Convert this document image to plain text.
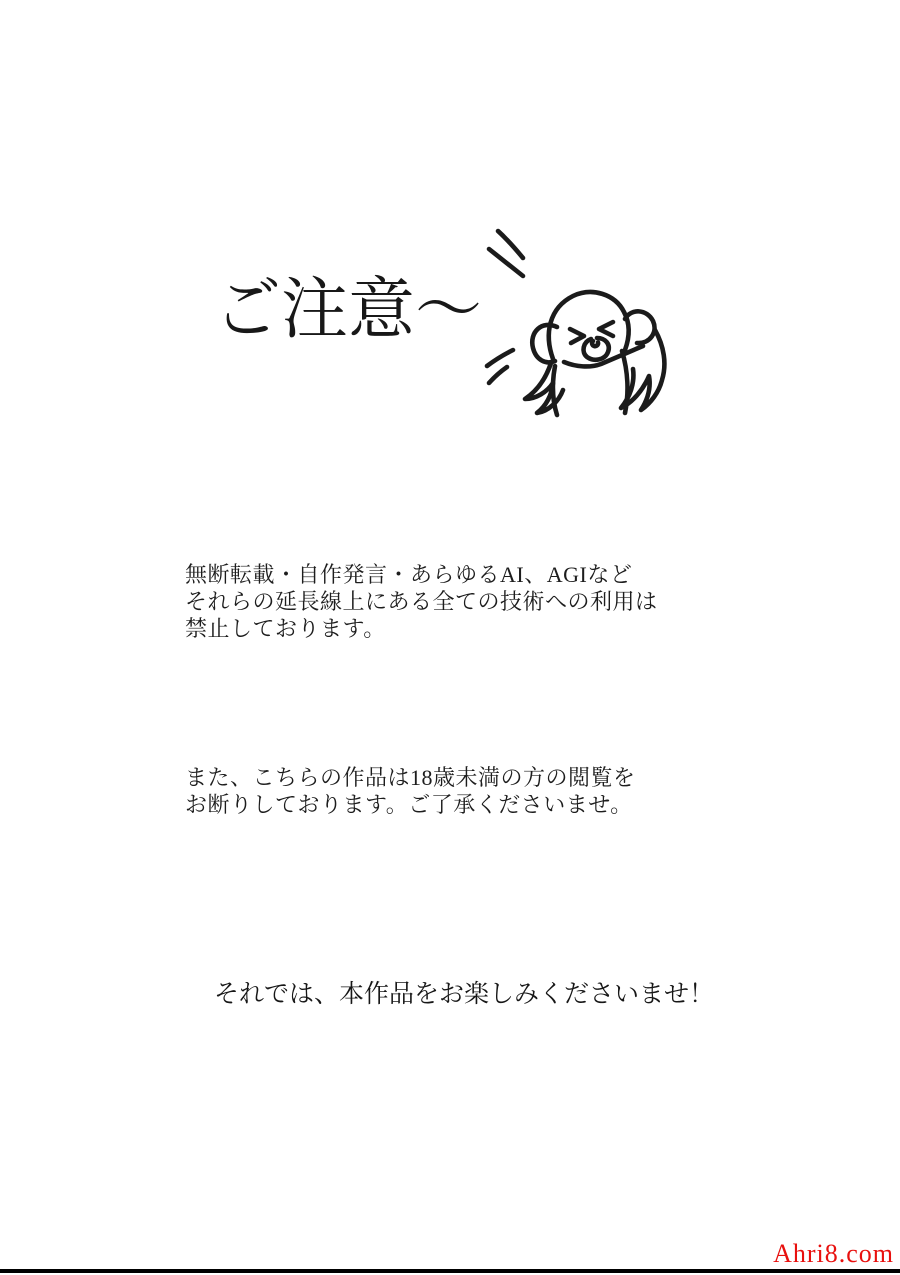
ご注意〜
無断転載・自作発言・あらゆるAI、AGIなど
それらの延長線上にある全ての技術への利用は
禁止しております。
また、こちらの作品は18歳未満の方の閲覧を
お断りしております。ご了承くださいませ。
それでは、本作品をお楽しみくださいませ！
Ahri8.com
